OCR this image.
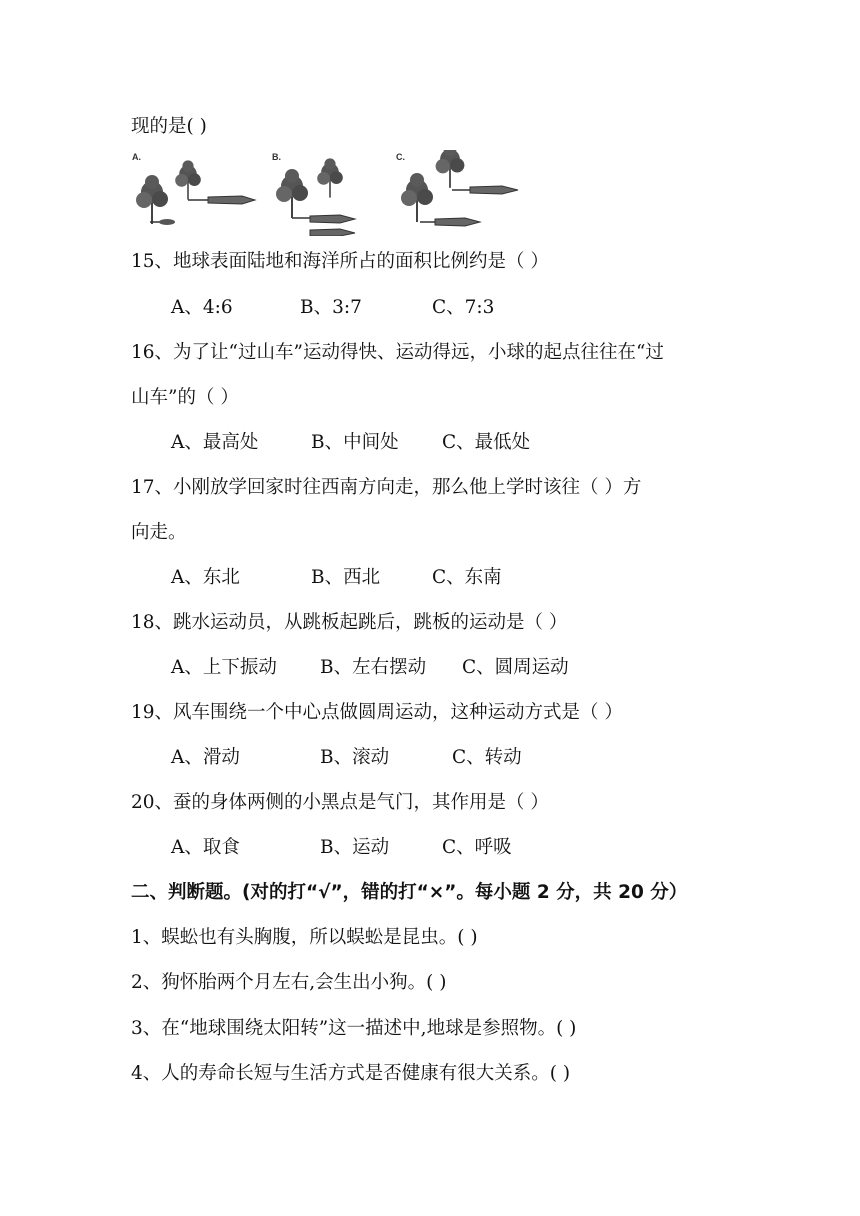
现的是( )
A.	B.	C.
15、地球表面陆地和海洋所占的面积比例约是（ ）
A、4:6	B、3:7	C、7:3
16、为了让“过山车”运动得快、运动得远，小球的起点往往在“过
山车”的（ ）
A、最高处	B、中间处 C、最低处
17、小刚放学回家时往西南方向走，那么他上学时该往（ ）方
向走。
A、东北	B、西北	C、东南
18、跳水运动员，从跳板起跳后，跳板的运动是（ ）
A、上下振动 B、左右摆动 C、圆周运动
19、风车围绕一个中心点做圆周运动，这种运动方式是（ ）
A、滑动	B、滚动	C、转动
20、蚕的身体两侧的小黑点是气门，其作用是（ ）
A、取食	B、运动	C、呼吸
二、判断题。(对的打“√”，错的打“×”。每小题 2 分，共 20 分）
1、蜈蚣也有头胸腹，所以蜈蚣是昆虫。( )
2、狗怀胎两个月左右,会生出小狗。( )
3、在“地球围绕太阳转”这一描述中,地球是参照物。( )
4、人的寿命长短与生活方式是否健康有很大关系。( )
